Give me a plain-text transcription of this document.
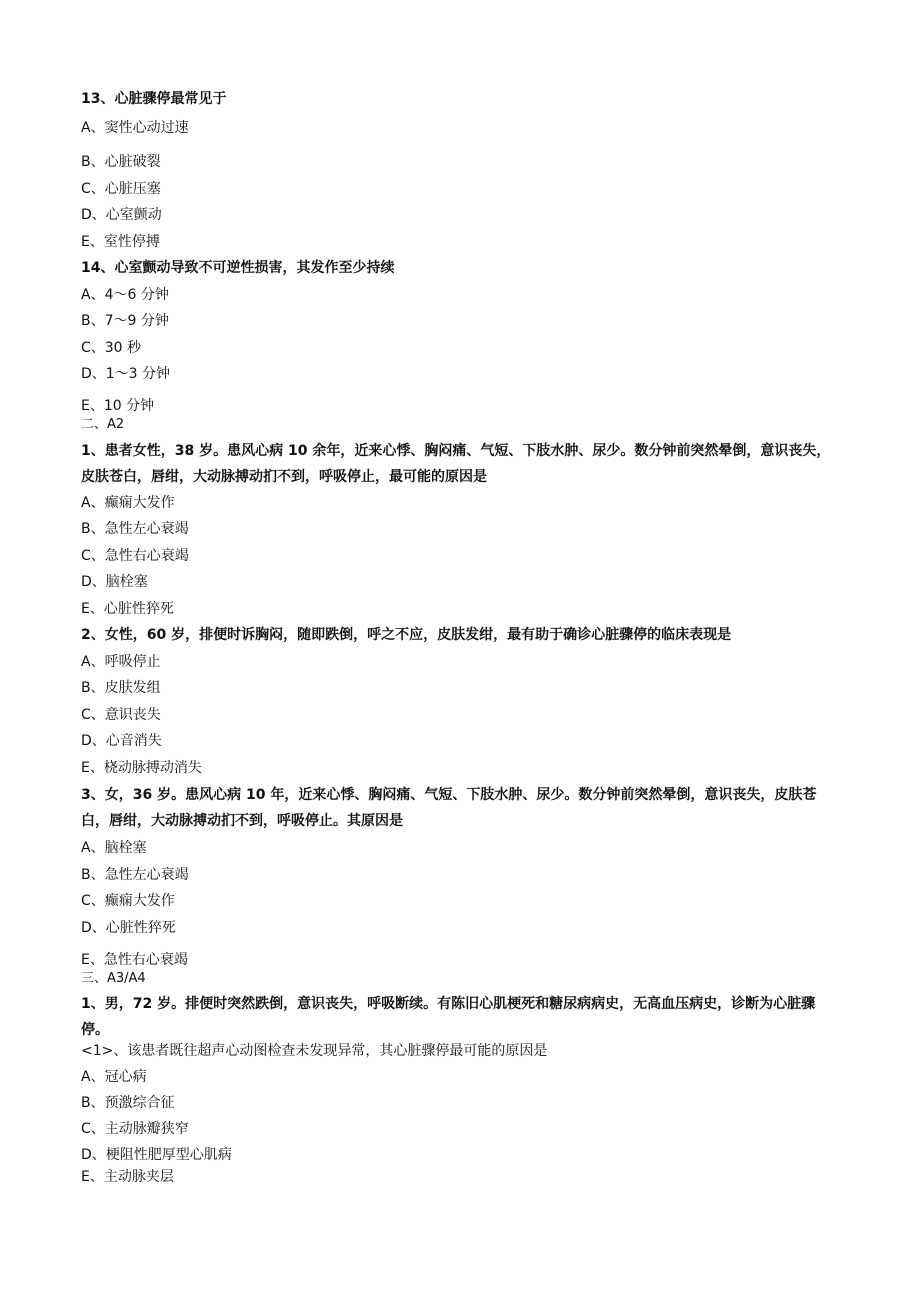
13、心脏骤停最常见于

A、窦性心动过速

B、心脏破裂

C、心脏压塞

D、心室颤动

E、室性停搏

14、心室颤动导致不可逆性损害，其发作至少持续

A、4～6 分钟

B、7～9 分钟

C、30 秒

D、1～3 分钟

E、10 分钟

二、A2

1、患者女性，38 岁。患风心病 10 余年，近来心悸、胸闷痛、气短、下肢水肿、尿少。数分钟前突然晕倒，意识丧失，皮肤苍白，唇绀，大动脉搏动扪不到，呼吸停止，最可能的原因是

A、癫痫大发作

B、急性左心衰竭

C、急性右心衰竭

D、脑栓塞

E、心脏性猝死

2、女性，60 岁，排便时诉胸闷，随即跌倒，呼之不应，皮肤发绀，最有助于确诊心脏骤停的临床表现是

A、呼吸停止

B、皮肤发组

C、意识丧失

D、心音消失

E、桡动脉搏动消失

3、女，36 岁。患风心病 10 年，近来心悸、胸闷痛、气短、下肢水肿、尿少。数分钟前突然晕倒，意识丧失，皮肤苍白，唇绀，大动脉搏动扪不到，呼吸停止。其原因是

A、脑栓塞

B、急性左心衰竭

C、癫痫大发作

D、心脏性猝死

E、急性右心衰竭

三、A3/A4

1、男，72 岁。排便时突然跌倒，意识丧失，呼吸断续。有陈旧心肌梗死和糖尿病病史，无高血压病史，诊断为心脏骤停。

<1>、该患者既往超声心动图检查未发现异常，其心脏骤停最可能的原因是

A、冠心病

B、预激综合征

C、主动脉瓣狭窄

D、梗阻性肥厚型心肌病

E、主动脉夹层
